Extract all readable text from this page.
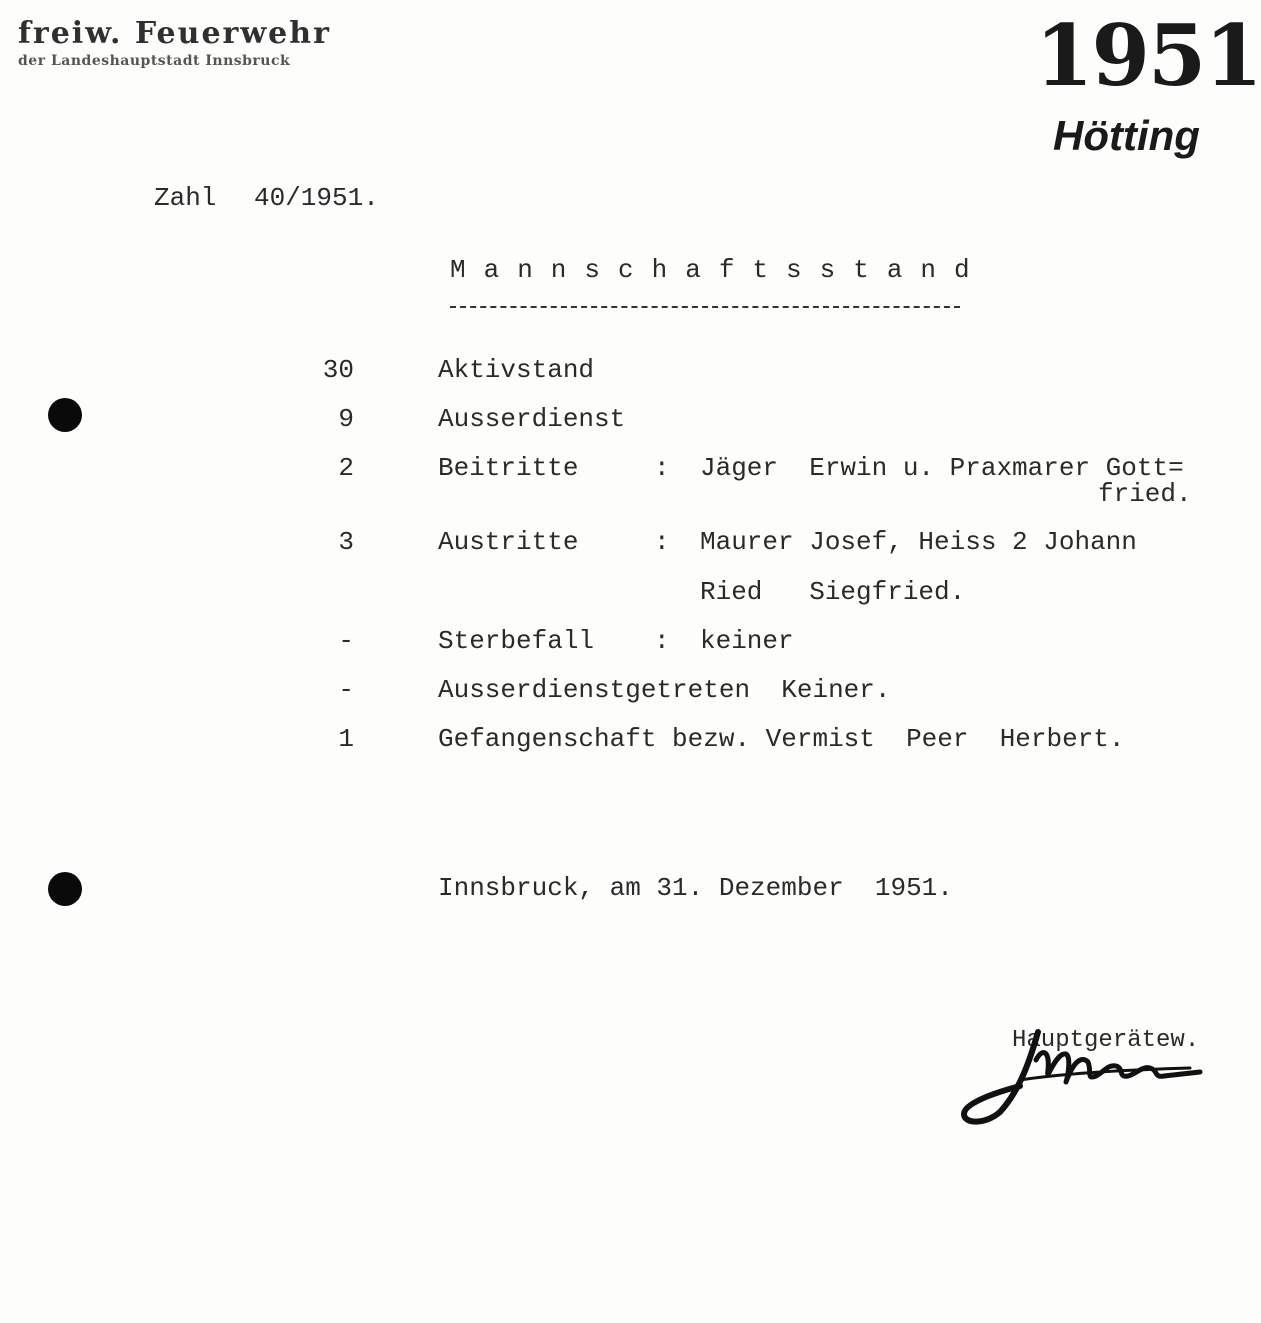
freiw. Feuerwehr
der Landeshauptstadt Innsbruck	1951
Hötting
Zahl 40/1951.
Mannschaftsstand
30	Aktivstand
9	Ausserdienst
2	Beitritte	: Jäger  Erwin u. Praxmarer Gott=
fried.
3	Austritte	: Maurer Josef, Heiss 2 Johann
Ried   Siegfried.
-	Sterbefall : keiner
-	Ausserdienstgetreten  Keiner.
1	Gefangenschaft bezw. Vermist  Peer  Herbert.
Innsbruck, am 31. Dezember  1951.
Hauptgerätew.
